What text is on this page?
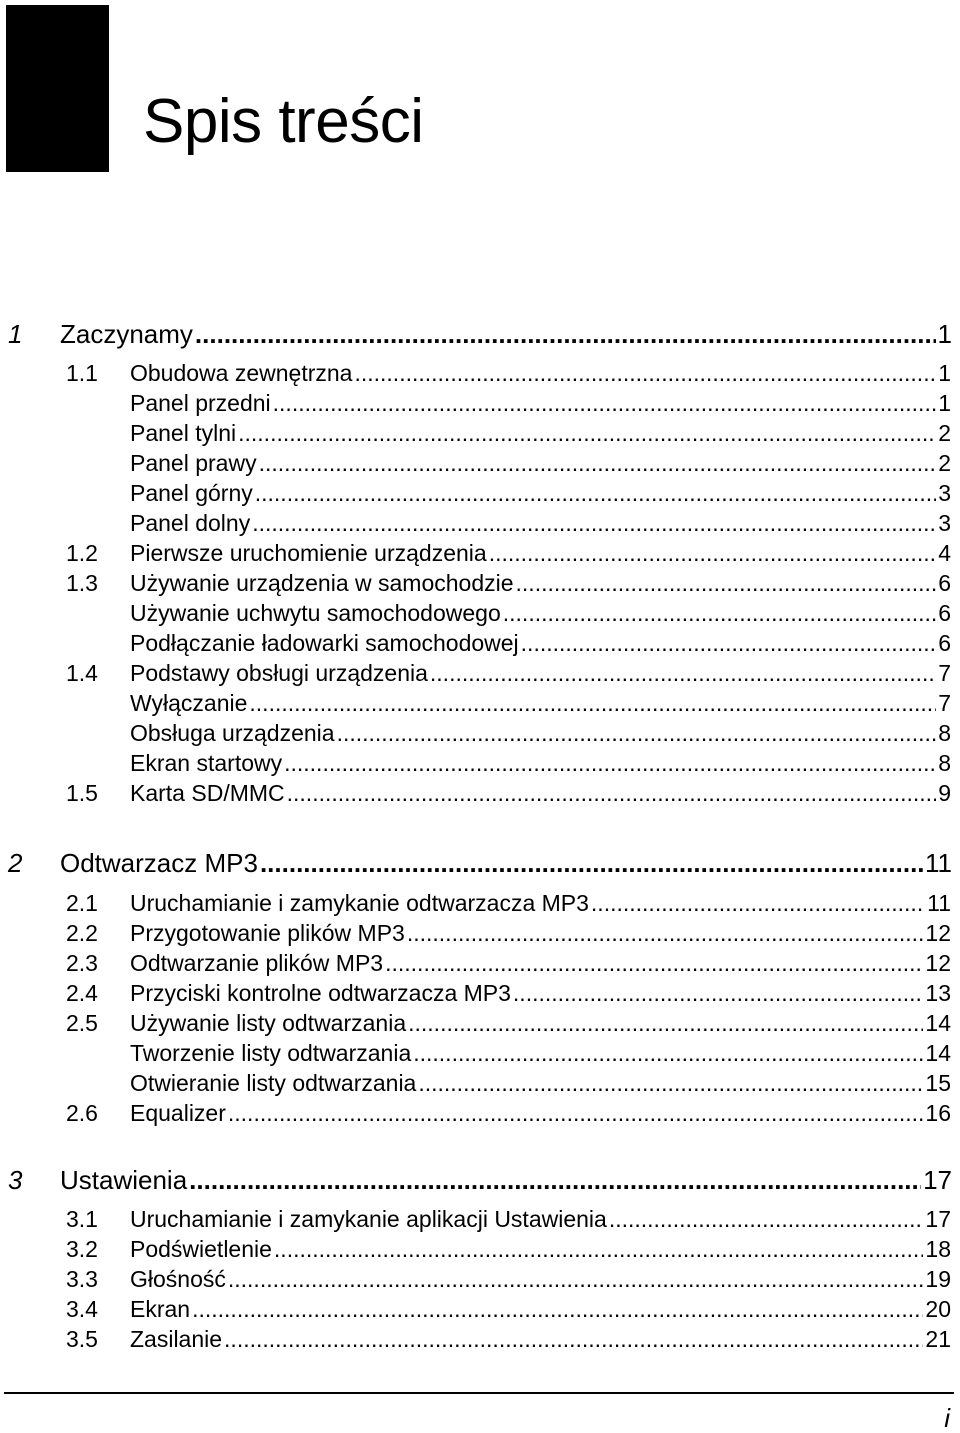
Spis treści
1	Zaczynamy .....	1
1.1	Obudowa zewnętrzna .....	1
Panel przedni .....	1
Panel tylni .....	2
Panel prawy .....	2
Panel górny .....	3
Panel dolny .....	3
1.2	Pierwsze uruchomienie urządzenia .....	4
1.3	Używanie urządzenia w samochodzie .....	6
Używanie uchwytu samochodowego .....	6
Podłączanie ładowarki samochodowej .....	6
1.4	Podstawy obsługi urządzenia .....	7
Wyłączanie .....	7
Obsługa urządzenia .....	8
Ekran startowy .....	8
1.5	Karta SD/MMC .....	9
2	Odtwarzacz MP3 .....	11
2.1	Uruchamianie i zamykanie odtwarzacza MP3 .....	11
2.2	Przygotowanie plików MP3 .....	12
2.3	Odtwarzanie plików MP3 .....	12
2.4	Przyciski kontrolne odtwarzacza MP3 .....	13
2.5	Używanie listy odtwarzania .....	14
Tworzenie listy odtwarzania .....	14
Otwieranie listy odtwarzania .....	15
2.6	Equalizer .....	16
3	Ustawienia .....	17
3.1	Uruchamianie i zamykanie aplikacji Ustawienia .....	17
3.2	Podświetlenie .....	18
3.3	Głośność .....	19
3.4	Ekran .....	20
3.5	Zasilanie .....	21
i
